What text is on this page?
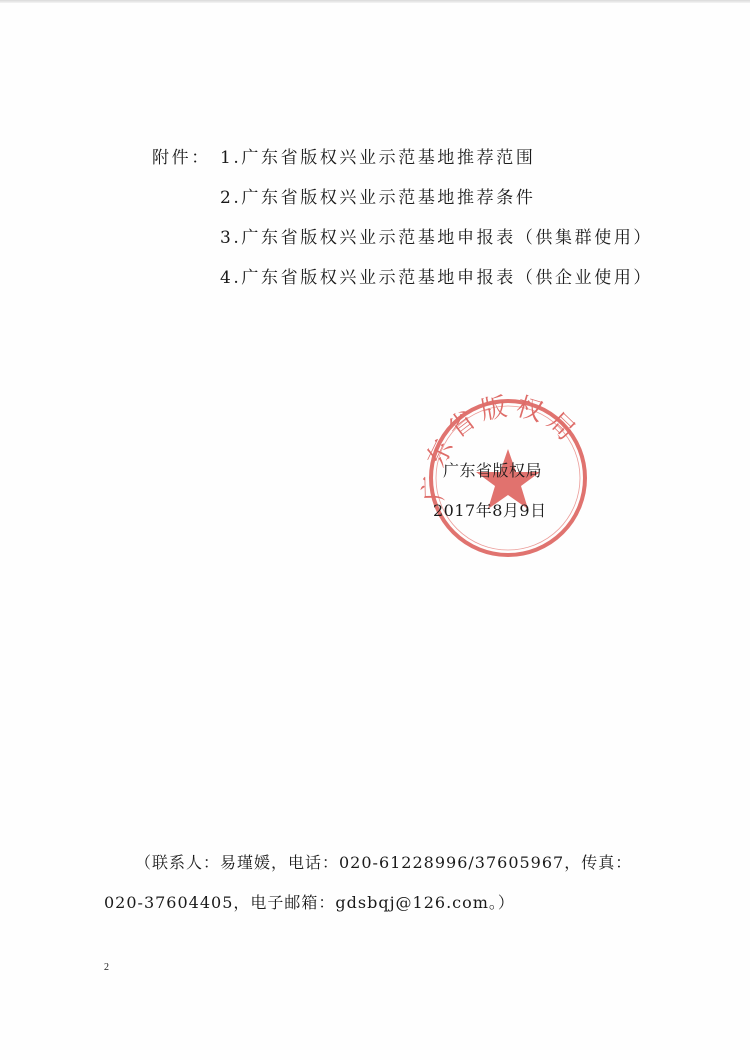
附件： 1.广东省版权兴业示范基地推荐范围
2.广东省版权兴业示范基地推荐条件
3.广东省版权兴业示范基地申报表（供集群使用）
4.广东省版权兴业示范基地申报表（供企业使用）
广东省版权局
广东省版权局
2017年8月9日
（联系人：易瑾媛，电话：020-61228996/37605967，传真：
020-37604405，电子邮箱：gdsbqj@126.com。）
2
